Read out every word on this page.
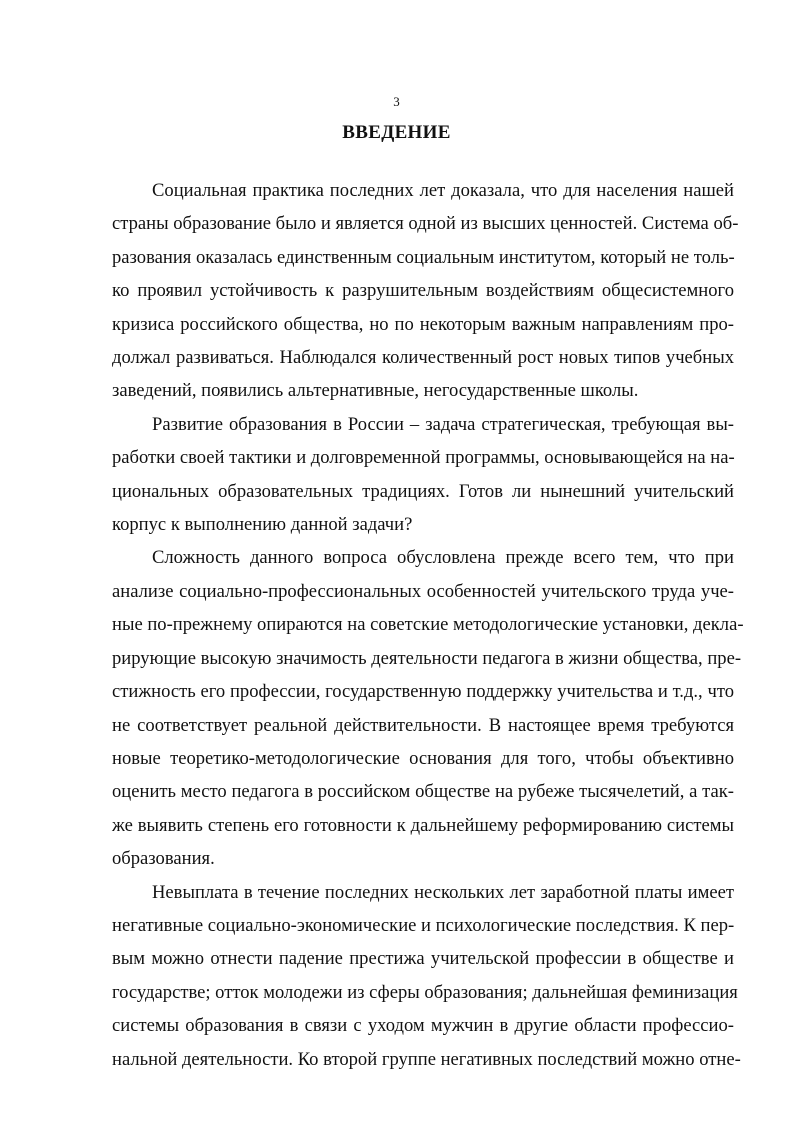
3
ВВЕДЕНИЕ
Социальная практика последних лет доказала, что для населения нашей
страны образование было и является одной из высших ценностей. Система об-
разования оказалась единственным социальным институтом, который не толь-
ко проявил устойчивость к разрушительным воздействиям общесистемного
кризиса российского общества, но по некоторым важным направлениям про-
должал развиваться. Наблюдался количественный рост новых типов учебных
заведений, появились альтернативные, негосударственные школы.
Развитие образования в России – задача стратегическая, требующая вы-
работки своей тактики и долговременной программы, основывающейся на на-
циональных образовательных традициях. Готов ли нынешний учительский
корпус к выполнению данной задачи?
Сложность данного вопроса обусловлена прежде всего тем, что при
анализе социально-профессиональных особенностей учительского труда уче-
ные по-прежнему опираются на советские методологические установки, декла-
рирующие высокую значимость деятельности педагога в жизни общества, пре-
стижность его профессии, государственную поддержку учительства и т.д., что
не соответствует реальной действительности. В настоящее время требуются
новые теоретико-методологические основания для того, чтобы объективно
оценить место педагога в российском обществе на рубеже тысячелетий, а так-
же выявить степень его готовности к дальнейшему реформированию системы
образования.
Невыплата в течение последних нескольких лет заработной платы имеет
негативные социально-экономические и психологические последствия. К пер-
вым можно отнести падение престижа учительской профессии в обществе и
государстве; отток молодежи из сферы образования; дальнейшая феминизация
системы образования в связи с уходом мужчин в другие области профессио-
нальной деятельности. Ко второй группе негативных последствий можно отне-
